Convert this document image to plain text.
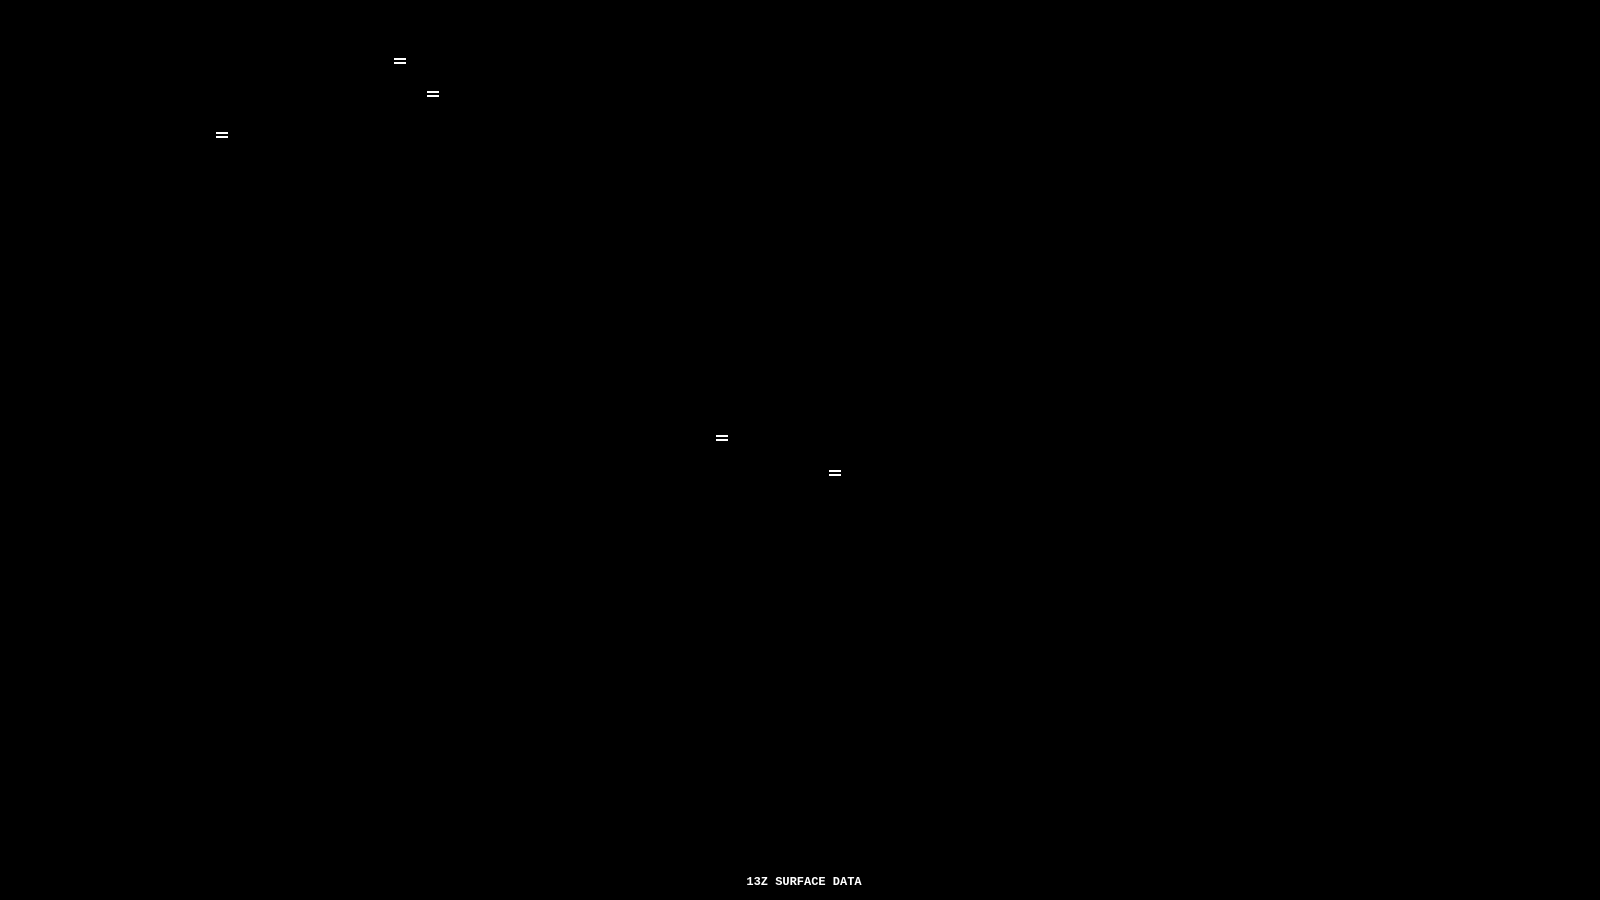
13Z SURFACE DATA
